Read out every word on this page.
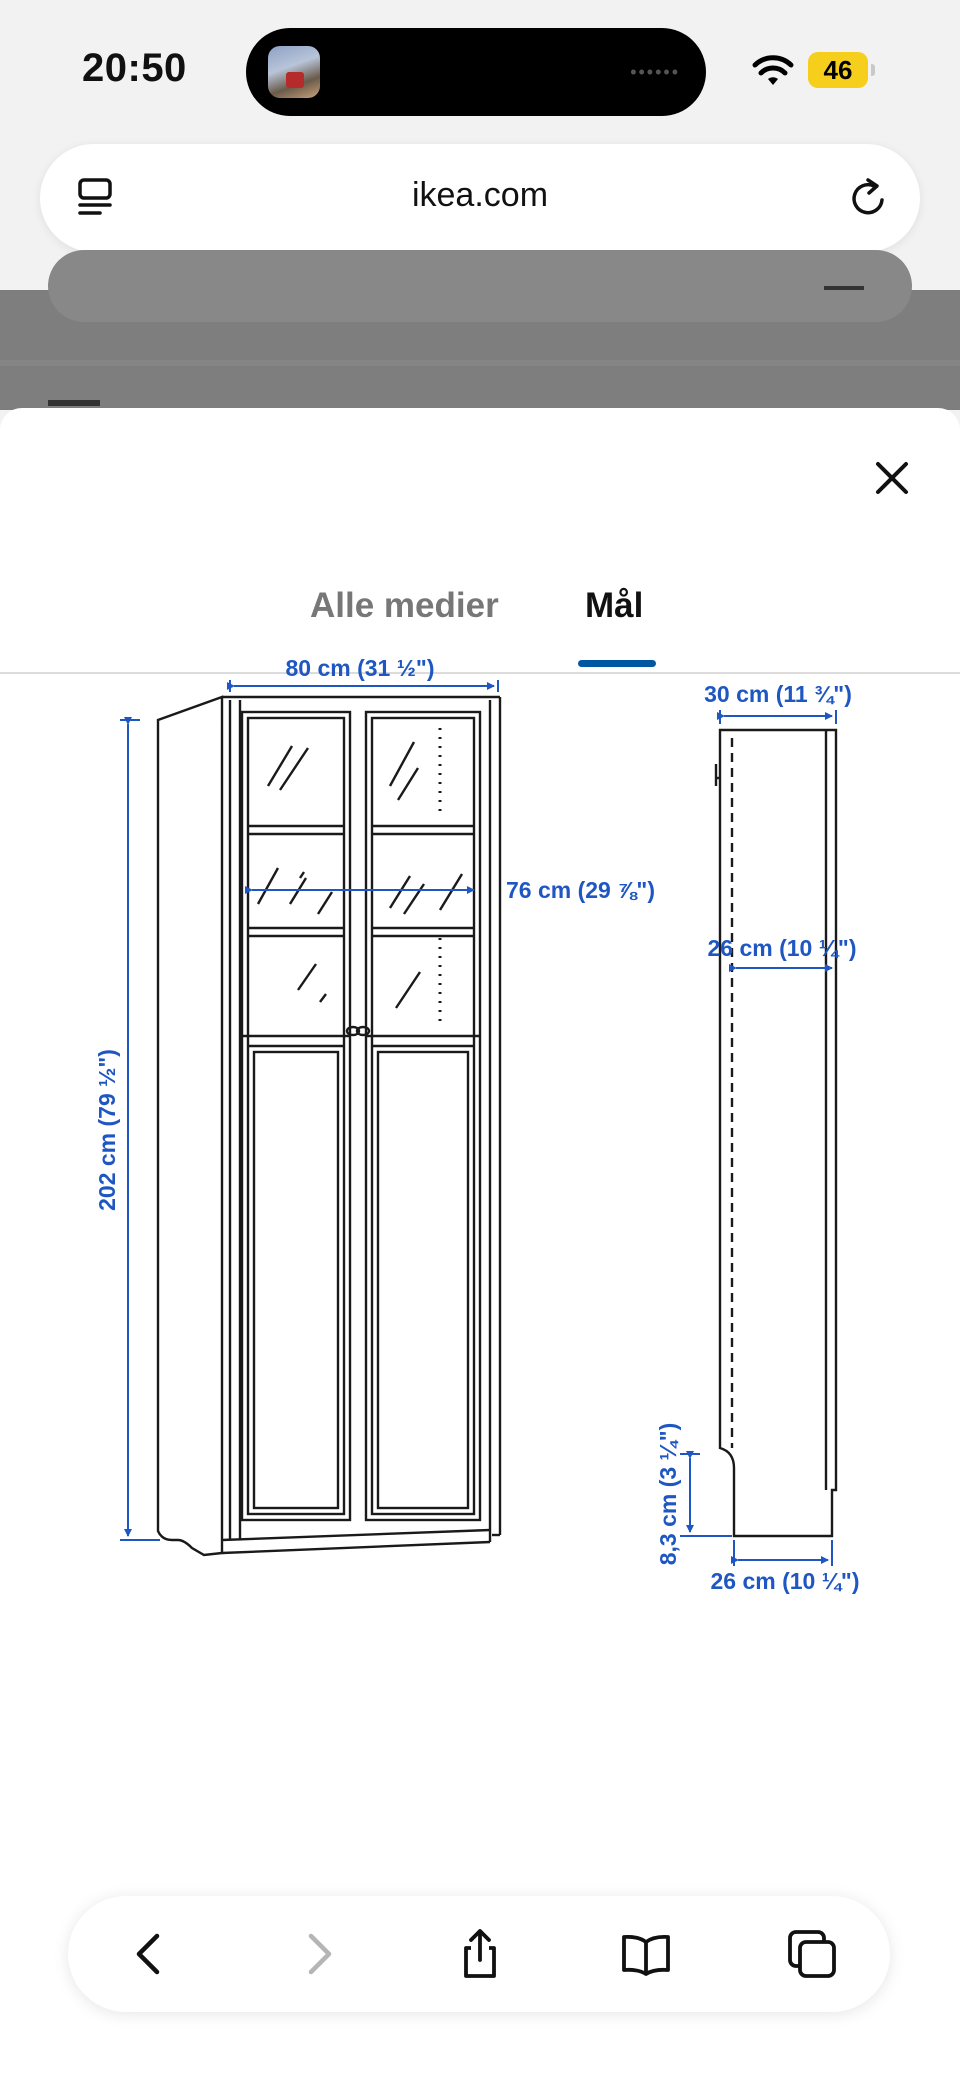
20:50	••••••	46
ikea.com
Alle medier Mål
80 cm (31 ½")
76 cm (29 ⅞")
202 cm (79 ½")
30 cm (11 ¾")
26 cm (10 ¼")
8,3 cm (3 ¼")
26 cm (10 ¼")
